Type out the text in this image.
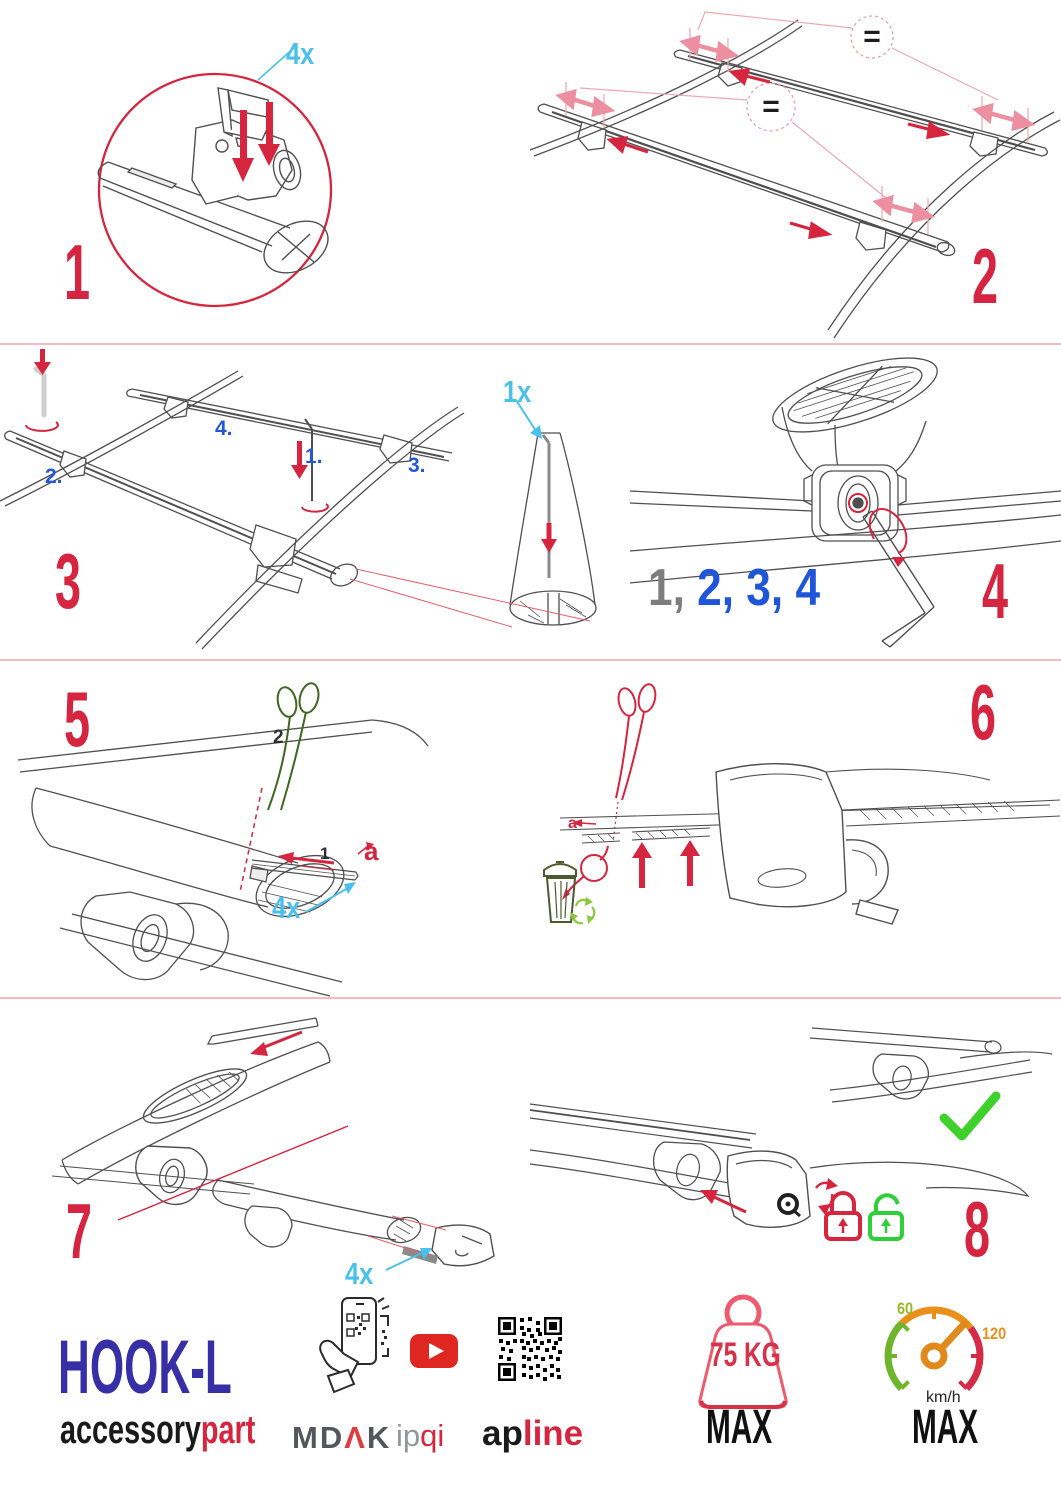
4x
1
=
=
2
4.
1.	3.
2.
1x
3	1, 2, 3, 4 4
5	2
1 a
4x
6
a
7	4x
8
HOOK-L
accessorypart MDΛK ipqi apline
75 KG
MAX
60
120
km/h
MAX
